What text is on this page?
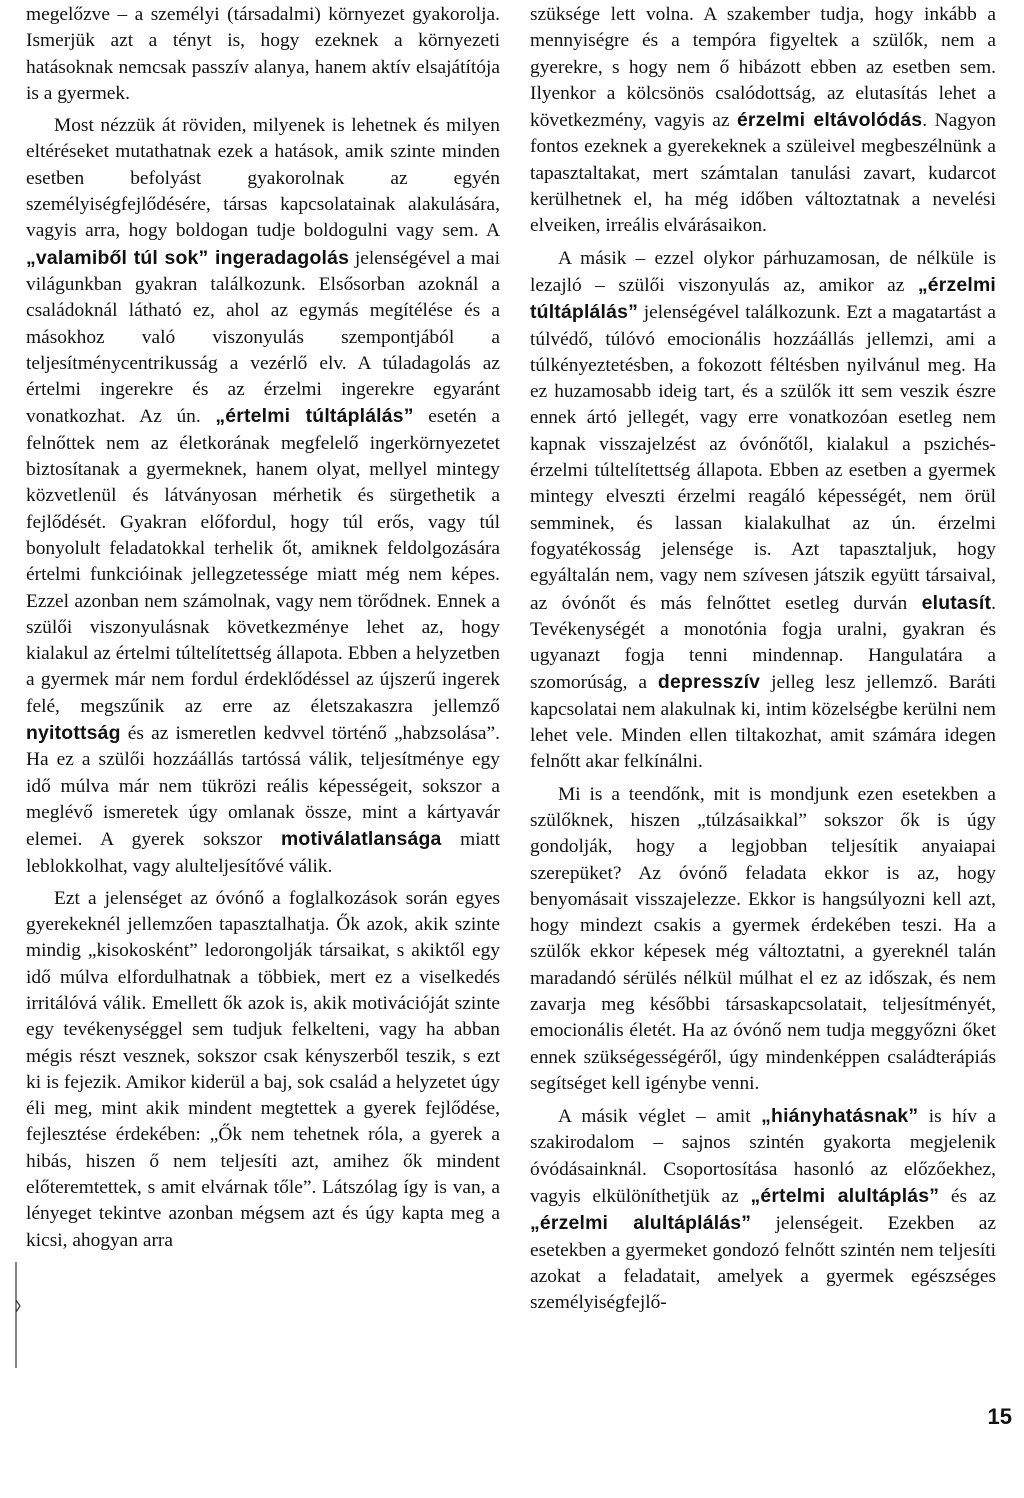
megelőzve – a személyi (társadalmi) környezet gyakorolja. Ismerjük azt a tényt is, hogy ezeknek a környezeti hatásoknak nemcsak passzív alanya, hanem aktív elsajátítója is a gyermek.

Most nézzük át röviden, milyenek is lehetnek és milyen eltéréseket mutathatnak ezek a hatások, amik szinte minden esetben befolyást gyakorolnak az egyén személyiségfejlődésére, társas kapcsolatainak alakulására, vagyis arra, hogy boldogan tudje boldogulni vagy sem. A „valamiből túl sok” ingeradagolás jelenségével a mai világunkban gyakran találkozunk. Elsősorban azoknál a családoknál látható ez, ahol az egymás megítélése és a másokhoz való viszonyulás szempontjából a teljesítménycentrikusság a vezérlő elv. A túladagolás az értelmi ingerekre és az érzelmi ingerekre egyaránt vonatkozhat. Az ún. „értelmi túltáplálás” esetén a felnőttek nem az életkorának megfelelő ingerkörnyezetet biztosítanak a gyermeknek, hanem olyat, mellyel mintegy közvetlenül és látványosan mérhetik és sürgethetik a fejlődését. Gyakran előfordul, hogy túl erős, vagy túl bonyolult feladatokkal terhelik őt, amiknek feldolgozására értelmi funkcióinak jellegzetessége miatt még nem képes. Ezzel azonban nem számolnak, vagy nem törődnek. Ennek a szülői viszonyulásnak következménye lehet az, hogy kialakul az értelmi túltelítettség állapota. Ebben a helyzetben a gyermek már nem fordul érdeklődéssel az újszerű ingerek felé, megszűnik az erre az életszakaszra jellemző nyitottság és az ismeretlen kedvvel történő „habzsolása”. Ha ez a szülői hozzáállás tartóssá válik, teljesítménye egy idő múlva már nem tükrözi reális képességeit, sokszor a meglévő ismeretek úgy omlanak össze, mint a kártyavár elemei. A gyerek sokszor motiválatlansága miatt leblokkolhat, vagy alulteljesítővé válik.

Ezt a jelenséget az óvónő a foglalkozások során egyes gyerekeknél jellemzően tapasztalhatja. Ők azok, akik szinte mindig „kisokosként” ledorongolják társaikat, s akiktől egy idő múlva elfordulhatnak a többiek, mert ez a viselkedés irritálóvá válik. Emellett ők azok is, akik motivációját szinte egy tevékenységgel sem tudjuk felkelteni, vagy ha abban mégis részt vesznek, sokszor csak kényszerből teszik, s ezt ki is fejezik. Amikor kiderül a baj, sok család a helyzetet úgy éli meg, mint akik mindent megtettek a gyerek fejlődése, fejlesztése érdekében: „Ők nem tehetnek róla, a gyerek a hibás, hiszen ő nem teljesíti azt, amihez ők mindent előteremtettek, s amit elvárnak tőle”. Látszólag így is van, a lényeget tekintve azonban mégsem azt és úgy kapta meg a kicsi, ahogyan arra

szüksége lett volna. A szakember tudja, hogy inkább a mennyiségre és a tempóra figyeltek a szülők, nem a gyerekre, s hogy nem ő hibázott ebben az esetben sem. Ilyenkor a kölcsönös csalódottság, az elutasítás lehet a következmény, vagyis az érzelmi eltávolódás. Nagyon fontos ezeknek a gyerekeknek a szüleivel megbeszélnünk a tapasztaltakat, mert számtalan tanulási zavart, kudarcot kerülhetnek el, ha még időben változtatnak a nevelési elveiken, irreális elvárásaikon.

A másik – ezzel olykor párhuzamosan, de nélküle is lezajló – szülői viszonyulás az, amikor az „érzelmi túltáplálás” jelenségével találkozunk. Ezt a magatartást a túlvédő, túlóvó emocionális hozzáállás jellemzi, ami a túlkényeztetésben, a fokozott féltésben nyilvánul meg. Ha ez huzamosabb ideig tart, és a szülők itt sem veszik észre ennek ártó jellegét, vagy erre vonatkozóan esetleg nem kapnak visszajelzést az óvónőtől, kialakul a pszichés-érzelmi túltelítettség állapota. Ebben az esetben a gyermek mintegy elveszti érzelmi reagáló képességét, nem örül semminek, és lassan kialakulhat az ún. érzelmi fogyatékosság jelensége is. Azt tapasztaljuk, hogy egyáltalán nem, vagy nem szívesen játszik együtt társaival, az óvónőt és más felnőttet esetleg durván elutasít. Tevékenységét a monotónia fogja uralni, gyakran és ugyanazt fogja tenni mindennap. Hangulatára a szomorúság, a depresszív jelleg lesz jellemző. Baráti kapcsolatai nem alakulnak ki, intim közelségbe kerülni nem lehet vele. Minden ellen tiltakozhat, amit számára idegen felnőtt akar felkínálni.

Mi is a teendőnk, mit is mondjunk ezen esetekben a szülőknek, hiszen „túlzásaikkal” sokszor ők is úgy gondolják, hogy a legjobban teljesítik anyaiapai szerepüket? Az óvónő feladata ekkor is az, hogy benyomásait visszajelezze. Ekkor is hangsúlyozni kell azt, hogy mindezt csakis a gyermek érdekében teszi. Ha a szülők ekkor képesek még változtatni, a gyereknél talán maradandó sérülés nélkül múlhat el ez az időszak, és nem zavarja meg későbbi társaskapcsolatait, teljesítményét, emocionális életét. Ha az óvónő nem tudja meggyőzni őket ennek szükségességéről, úgy mindenképpen családterápiás segítséget kell igénybe venni.

A másik véglet – amit „hiányhatásnak” is hív a szakirodalom – sajnos szintén gyakorta megjelenik óvódásainknál. Csoportosítása hasonló az előzőekhez, vagyis elkülöníthetjük az „értelmi alultáplás” és az „érzelmi alultáplálás” jelenségeit. Ezekben az esetekben a gyermeket gondozó felnőtt szintén nem teljesíti azokat a feladatait, amelyek a gyermek egészséges személyiségfejlő-

15
